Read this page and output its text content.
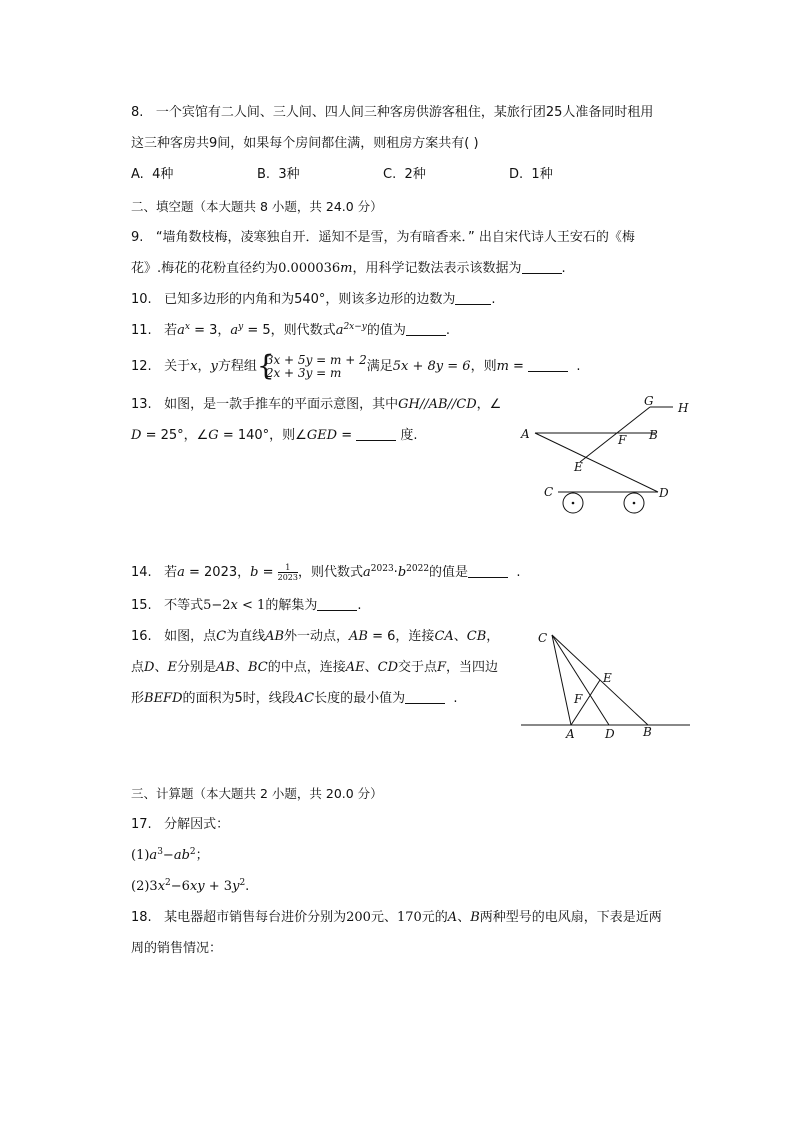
8. 一个宾馆有二人间、三人间、四人间三种客房供游客租住，某旅行团25人准备同时租用
这三种客房共9间，如果每个房间都住满，则租房方案共有( )
A. 4种	B. 3种	C. 2种	D. 1种
二、填空题（本大题共 8 小题，共 24.0 分）
9. “墙角数枝梅，凌寒独自开．遥知不是雪，为有暗香来．” 出自宋代诗人王安石的《梅
花》.梅花的花粉直径约为0.000036m，用科学记数法表示该数据为	.
10. 已知多边形的内角和为540°，则该多边形的边数为	.
11. 若$a^x = 3$，$a^y = 5$，则代数式$a^{2x-y}$的值为	.
12. 关于x，y方程组 {
3x + 5y = m + 2
2x + 3y = m	满足5x + 8y = 6，则m =	.
13. 如图，是一款手推车的平面示意图，其中GH//AB//CD，∠
D = 25°，∠G = 140°，则∠GED =	度.
G H
A	F B
E
C	D
14. 若a = 2023，$b = \frac{1}{2023}$ ，则代数式$a^{2023}\cdot b^{2022}$的值是	.
15. 不等式5−2x < 1的解集为	.
16. 如图，点C为直线AB外一动点，AB = 6，连接CA、CB，
点D、E分别是AB、BC的中点，连接AE、CD交于点F，当四边
形BEFD的面积为5时，线段AC长度的最小值为	.
C
E
F
A	D B
三、计算题（本大题共 2 小题，共 20.0 分）
17. 分解因式：
$(1)a^3-ab^2$；
$(2)3x^2-6xy + 3y^2$.
18. 某电器超市销售每台进价分别为200元、170元的A、B两种型号的电风扇，下表是近两
周的销售情况：
